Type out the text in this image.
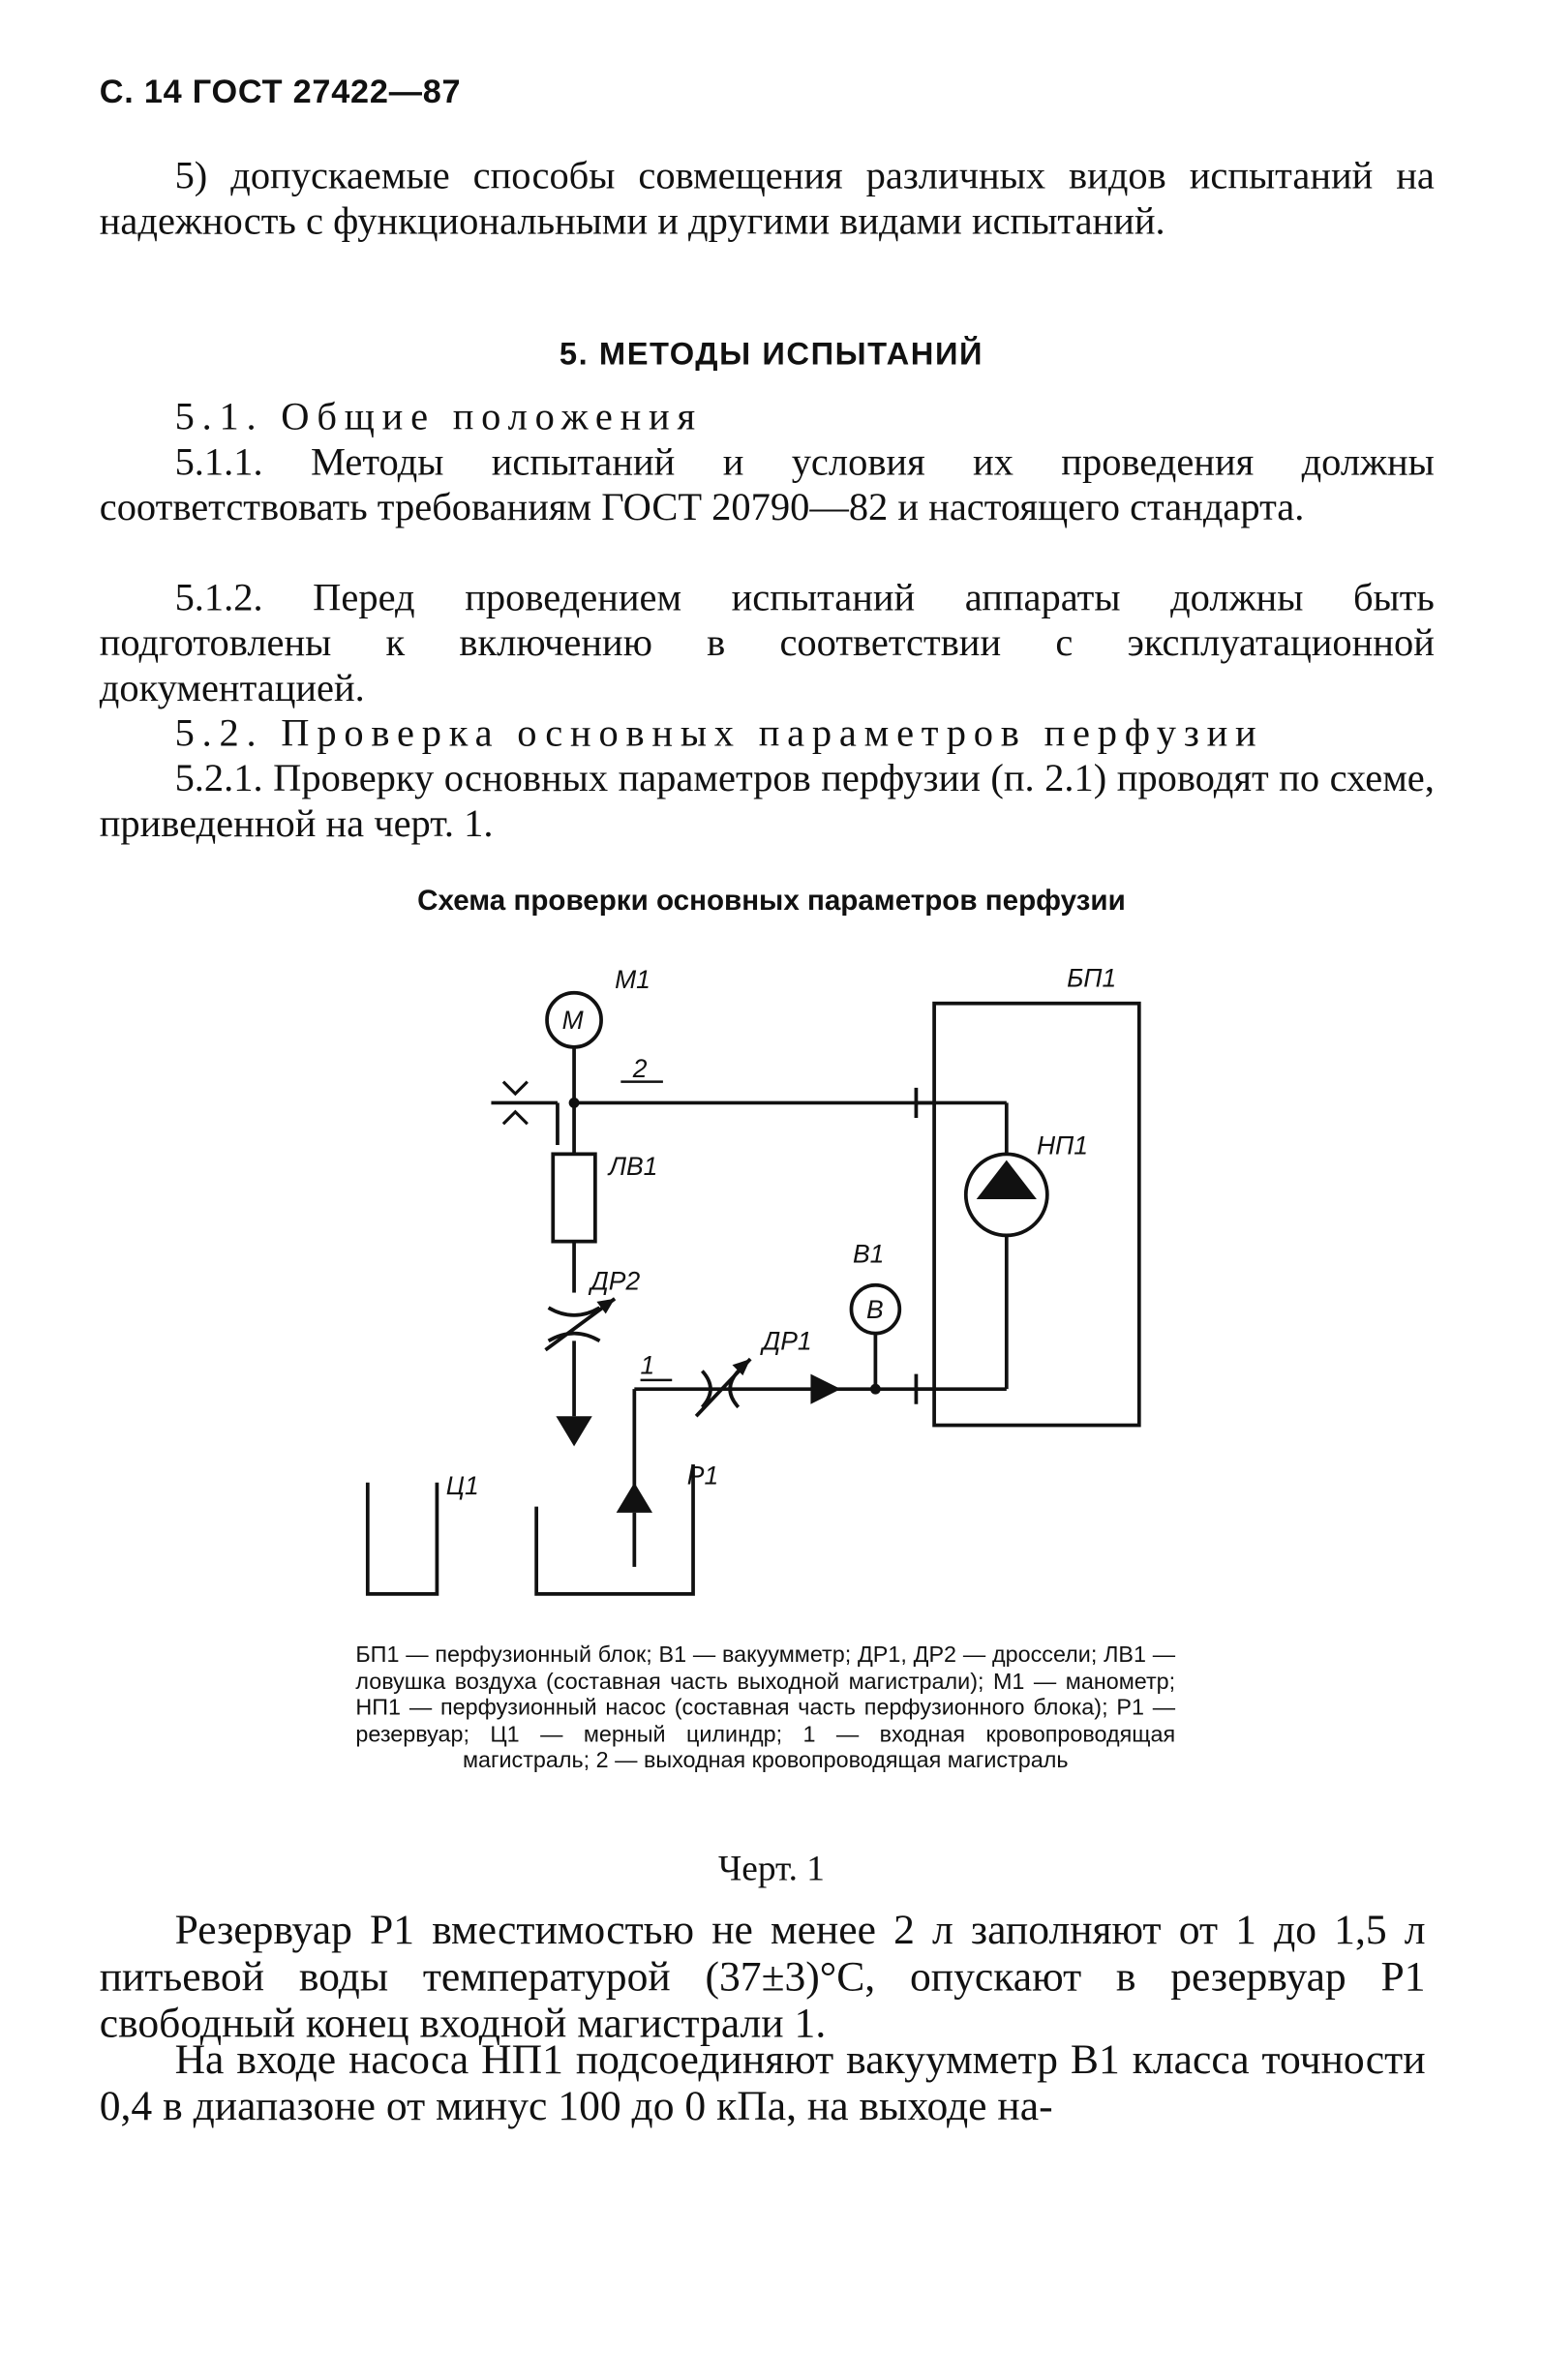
С. 14 ГОСТ 27422—87
5) допускаемые способы совмещения различных видов испытаний на надежность с функциональными и другими видами испытаний.
5. МЕТОДЫ ИСПЫТАНИЙ
5.1. Общие положения
5.1.1. Методы испытаний и условия их проведения должны соответствовать требованиям ГОСТ 20790—82 и настоящего стандарта.
5.1.2. Перед проведением испытаний аппараты должны быть подготовлены к включению в соответствии с эксплуатационной документацией.
5.2. Проверка основных параметров перфузии
5.2.1. Проверку основных параметров перфузии (п. 2.1) проводят по схеме, приведенной на черт. 1.
Схема проверки основных параметров перфузии
БП1
М
М1
2
ЛВ1
ДР2
НП1
В
В1
1
ДР1
Р1
Ц1
БП1 — перфузионный блок; В1 — вакуумметр; ДР1, ДР2 — дроссели; ЛВ1 — ловушка воздуха (составная часть выходной магистрали); М1 — манометр; НП1 — перфузионный насос (составная часть перфузионного блока); Р1 — резервуар; Ц1 — мерный цилиндр; 1 — входная кровопроводящая магистраль; 2 — выходная кровопроводящая магистраль
Черт. 1
Резервуар Р1 вместимостью не менее 2 л заполняют от 1 до 1,5 л питьевой воды температурой (37±3)°С, опускают в резервуар Р1 свободный конец входной магистрали 1.
На входе насоса НП1 подсоединяют вакуумметр В1 класса точности 0,4 в диапазоне от минус 100 до 0 кПа, на выходе на-
